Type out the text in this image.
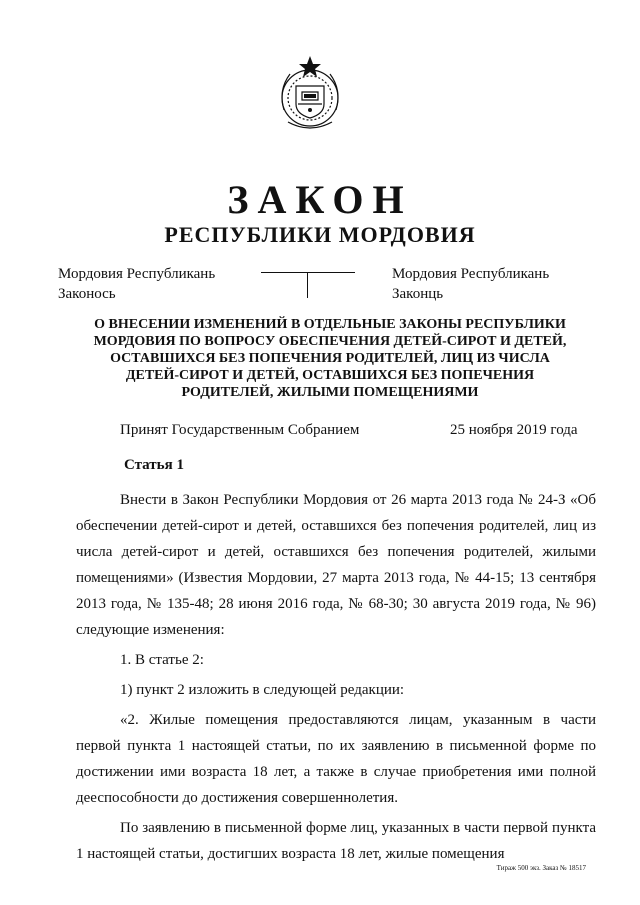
ЗАКОН
РЕСПУБЛИКИ МОРДОВИЯ
Мордовия Республикань
Законось
Мордовия Республикань
Законць
О ВНЕСЕНИИ ИЗМЕНЕНИЙ В ОТДЕЛЬНЫЕ ЗАКОНЫ РЕСПУБЛИКИ
МОРДОВИЯ ПО ВОПРОСУ ОБЕСПЕЧЕНИЯ ДЕТЕЙ-СИРОТ И ДЕТЕЙ,
ОСТАВШИХСЯ БЕЗ ПОПЕЧЕНИЯ РОДИТЕЛЕЙ, ЛИЦ ИЗ ЧИСЛА
ДЕТЕЙ-СИРОТ И ДЕТЕЙ, ОСТАВШИХСЯ БЕЗ ПОПЕЧЕНИЯ
РОДИТЕЛЕЙ, ЖИЛЫМИ ПОМЕЩЕНИЯМИ
Принят Государственным Собранием	25 ноября 2019 года
Статья 1

Внести в Закон Республики Мордовия от 26 марта 2013 года № 24-З «Об обеспечении детей-сирот и детей, оставшихся без попечения родителей, лиц из числа детей-сирот и детей, оставшихся без попечения родителей, жилыми помещениями» (Известия Мордовии, 27 марта 2013 года, № 44-15; 13 сентября 2013 года, № 135-48; 28 июня 2016 года, № 68-30; 30 августа 2019 года, № 96) следующие изменения:

1. В статье 2:

1) пункт 2 изложить в следующей редакции:

«2. Жилые помещения предоставляются лицам, указанным в части первой пункта 1 настоящей статьи, по их заявлению в письменной форме по достижении ими возраста 18 лет, а также в случае приобретения ими полной дееспособности до достижения совершеннолетия.

По заявлению в письменной форме лиц, указанных в части первой пункта 1 настоящей статьи, достигших возраста 18 лет, жилые помещения

Тираж 500 экз. Заказ № 18517
